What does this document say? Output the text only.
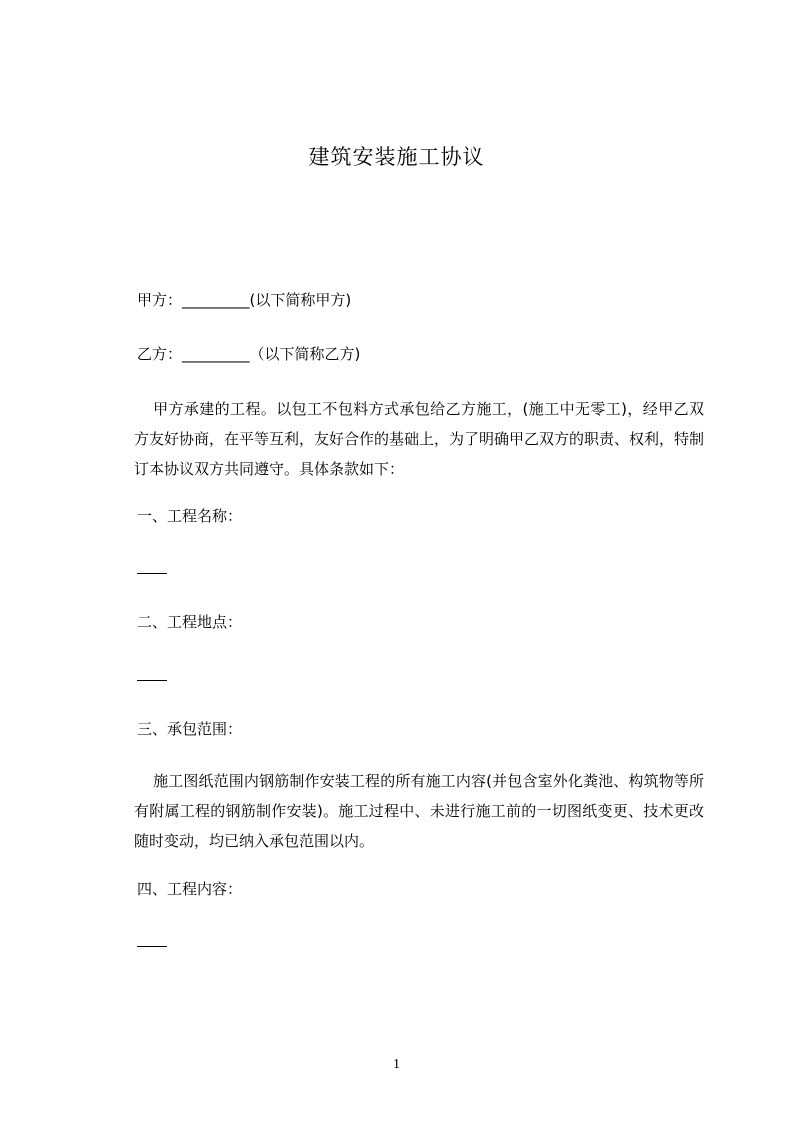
建筑安装施工协议
甲方：_________(以下简称甲方)
乙方：_________（以下简称乙方)
甲方承建的工程。以包工不包料方式承包给乙方施工，(施工中无零工)，经甲乙双方友好协商，在平等互利，友好合作的基础上，为了明确甲乙双方的职责、权利，特制订本协议双方共同遵守。具体条款如下：
一、工程名称：
二、工程地点：
三、承包范围：
施工图纸范围内钢筋制作安装工程的所有施工内容(并包含室外化粪池、构筑物等所有附属工程的钢筋制作安装)。施工过程中、未进行施工前的一切图纸变更、技术更改随时变动，均已纳入承包范围以内。
四、工程内容：
1
